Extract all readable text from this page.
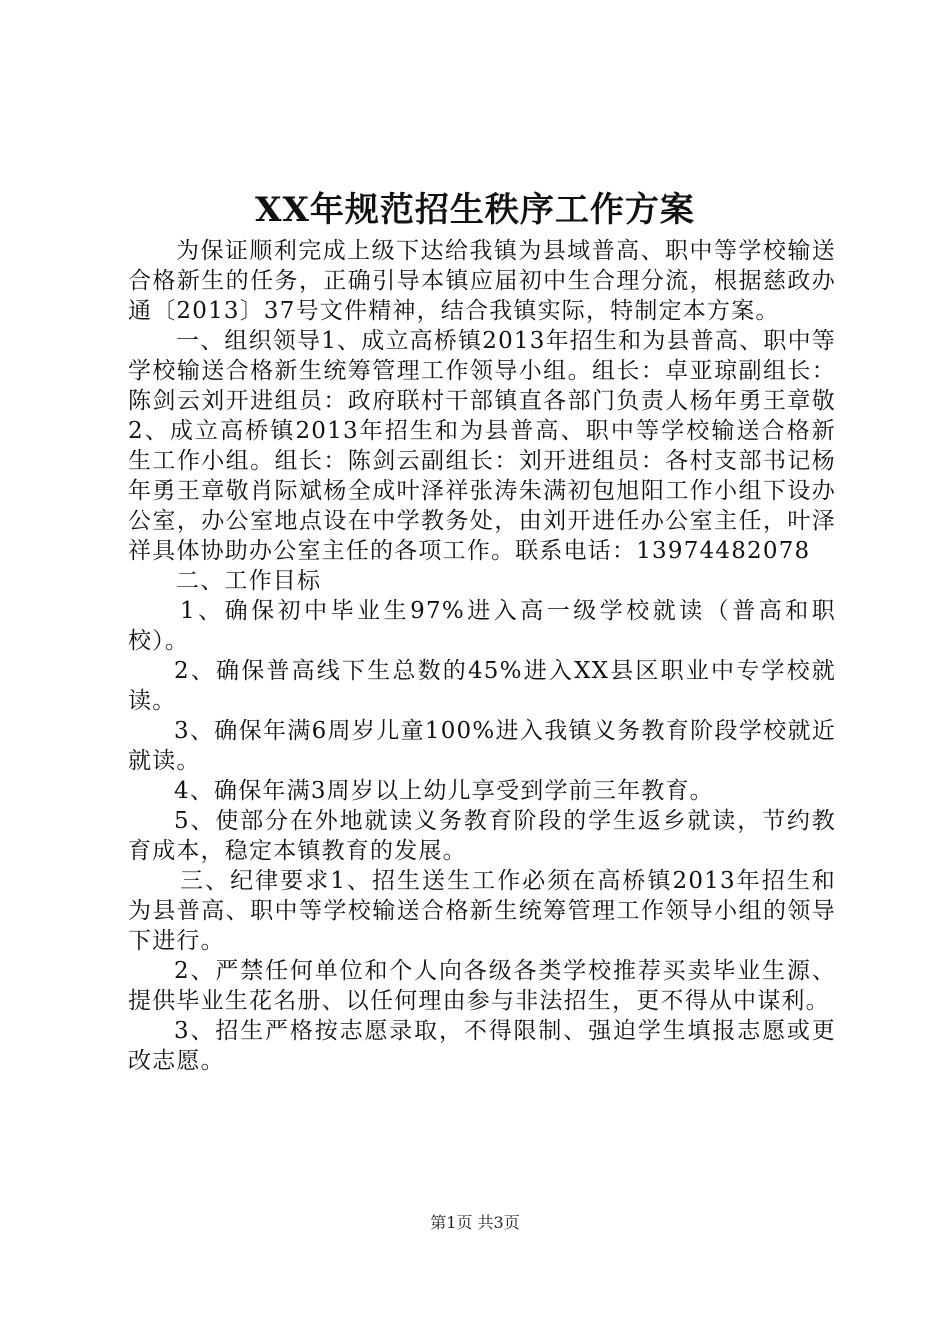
XX年规范招生秩序工作方案

为保证顺利完成上级下达给我镇为县域普高、职中等学校输送合格新生的任务，正确引导本镇应届初中生合理分流，根据慈政办通〔2013〕37号文件精神，结合我镇实际，特制定本方案。

一、组织领导1、成立高桥镇2013年招生和为县普高、职中等学校输送合格新生统筹管理工作领导小组。组长：卓亚琼副组长：陈剑云刘开进组员：政府联村干部镇直各部门负责人杨年勇王章敬2、成立高桥镇2013年招生和为县普高、职中等学校输送合格新生工作小组。组长：陈剑云副组长：刘开进组员：各村支部书记杨年勇王章敬肖际斌杨全成叶泽祥张涛朱满初包旭阳工作小组下设办公室，办公室地点设在中学教务处，由刘开进任办公室主任，叶泽祥具体协助办公室主任的各项工作。联系电话：13974482078

二、工作目标

1、确保初中毕业生97%进入高一级学校就读（普高和职校）。

2、确保普高线下生总数的45%进入XX县区职业中专学校就读。

3、确保年满6周岁儿童100%进入我镇义务教育阶段学校就近就读。

4、确保年满3周岁以上幼儿享受到学前三年教育。

5、使部分在外地就读义务教育阶段的学生返乡就读，节约教育成本，稳定本镇教育的发展。

三、纪律要求1、招生送生工作必须在高桥镇2013年招生和为县普高、职中等学校输送合格新生统筹管理工作领导小组的领导下进行。

2、严禁任何单位和个人向各级各类学校推荐买卖毕业生源、提供毕业生花名册、以任何理由参与非法招生，更不得从中谋利。

3、招生严格按志愿录取，不得限制、强迫学生填报志愿或更改志愿。

第1页 共3页
